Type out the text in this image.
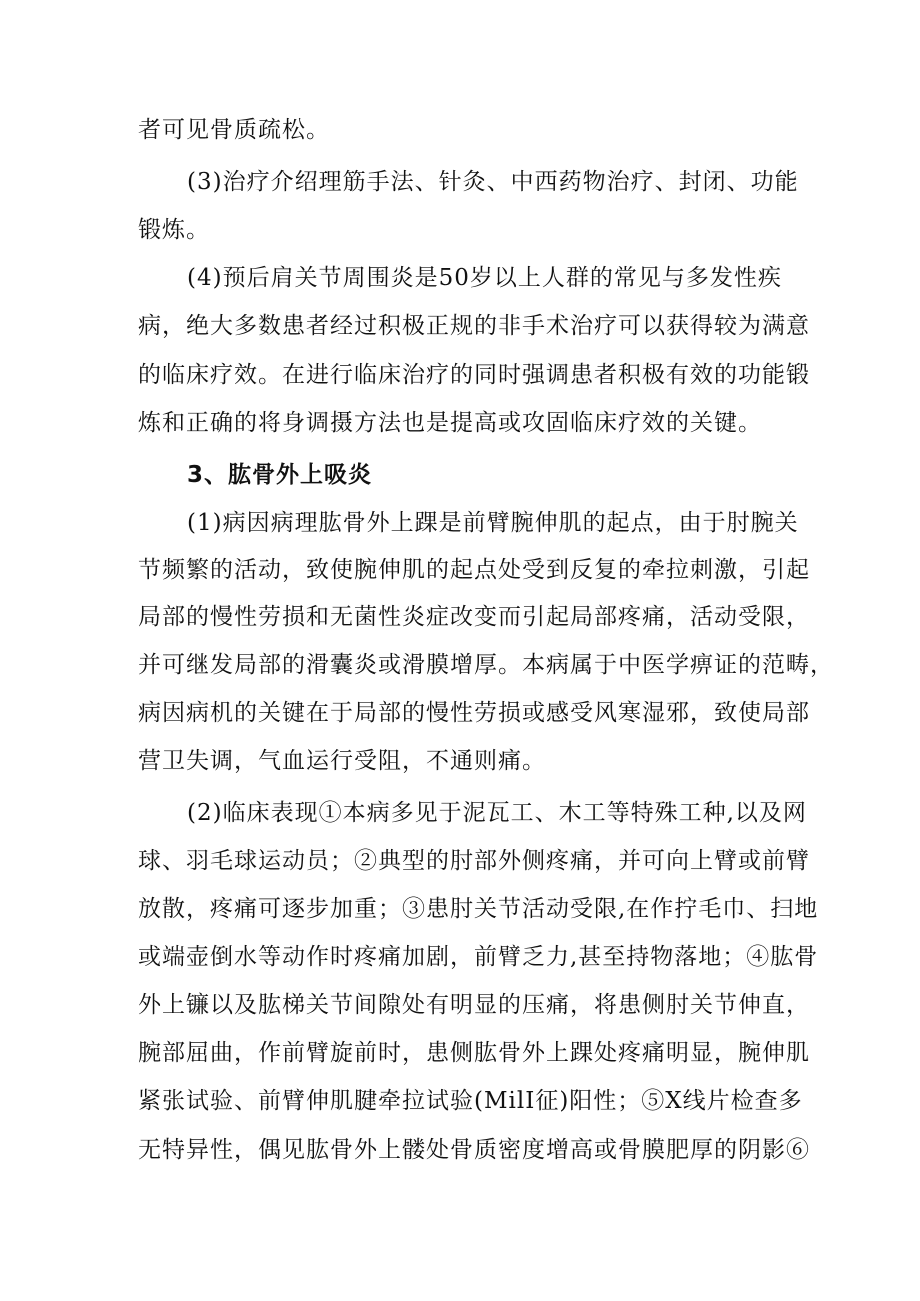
者可见骨质疏松。
(3)治疗介绍理筋手法、针灸、中西药物治疗、封闭、功能
锻炼。
(4)预后肩关节周围炎是50岁以上人群的常见与多发性疾
病，绝大多数患者经过积极正规的非手术治疗可以获得较为满意
的临床疗效。在进行临床治疗的同时强调患者积极有效的功能锻
炼和正确的将身调摄方法也是提高或攻固临床疗效的关键。
3、肱骨外上吸炎
(1)病因病理肱骨外上踝是前臂腕伸肌的起点，由于肘腕关
节频繁的活动，致使腕伸肌的起点处受到反复的牵拉刺激，引起
局部的慢性劳损和无菌性炎症改变而引起局部疼痛，活动受限，
并可继发局部的滑囊炎或滑膜增厚。本病属于中医学痹证的范畴，
病因病机的关键在于局部的慢性劳损或感受风寒湿邪，致使局部
营卫失调，气血运行受阻，不通则痛。
(2)临床表现①本病多见于泥瓦工、木工等特殊工种,以及网
球、羽毛球运动员；②典型的肘部外侧疼痛，并可向上臂或前臂
放散，疼痛可逐步加重；③患肘关节活动受限,在作拧毛巾、扫地
或端壶倒水等动作时疼痛加剧，前臂乏力,甚至持物落地；④肱骨
外上镰以及肱梯关节间隙处有明显的压痛，将患侧肘关节伸直，
腕部屈曲，作前臂旋前时，患侧肱骨外上踝处疼痛明显，腕伸肌
紧张试验、前臂伸肌腱牵拉试验(MilI征)阳性；⑤X线片检查多
无特异性，偶见肱骨外上髅处骨质密度增高或骨膜肥厚的阴影⑥
